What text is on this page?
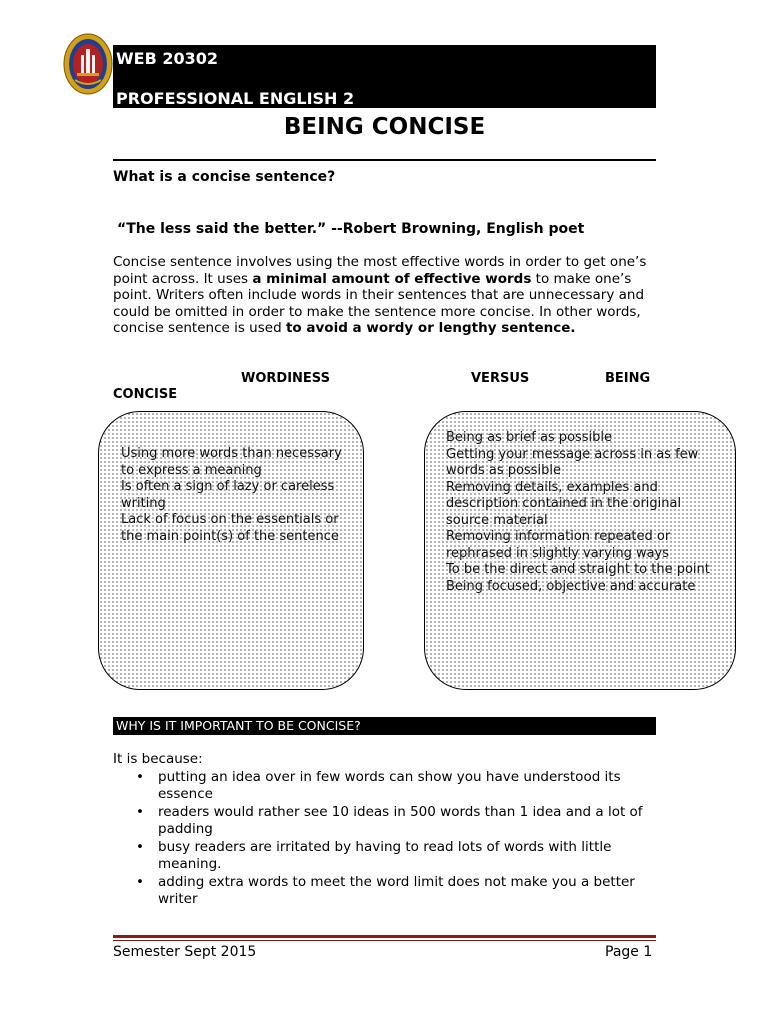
WEB 20302
PROFESSIONAL ENGLISH 2
BEING CONCISE
What is a concise sentence?
“The less said the better.” --Robert Browning, English poet
Concise sentence involves using the most effective words in order to get one’s point across. It uses a minimal amount of effective words to make one’s point. Writers often include words in their sentences that are unnecessary and could be omitted in order to make the sentence more concise. In other words, concise sentence is used to avoid a wordy or lengthy sentence.
WORDINESS	VERSUS	BEING
CONCISE
Using more words than necessary to express a meaning
Is often a sign of lazy or careless writing
Lack of focus on the essentials or the main point(s) of the sentence
Being as brief as possible
Getting your message across in as few words as possible
Removing details, examples and description contained in the original source material
Removing information repeated or rephrased in slightly varying ways
To be the direct and straight to the point
Being focused, objective and accurate
WHY IS IT IMPORTANT TO BE CONCISE?
It is because:
• putting an idea over in few words can show you have understood its essence
• readers would rather see 10 ideas in 500 words than 1 idea and a lot of padding
• busy readers are irritated by having to read lots of words with little meaning.
• adding extra words to meet the word limit does not make you a better writer
Semester Sept 2015	Page 1
